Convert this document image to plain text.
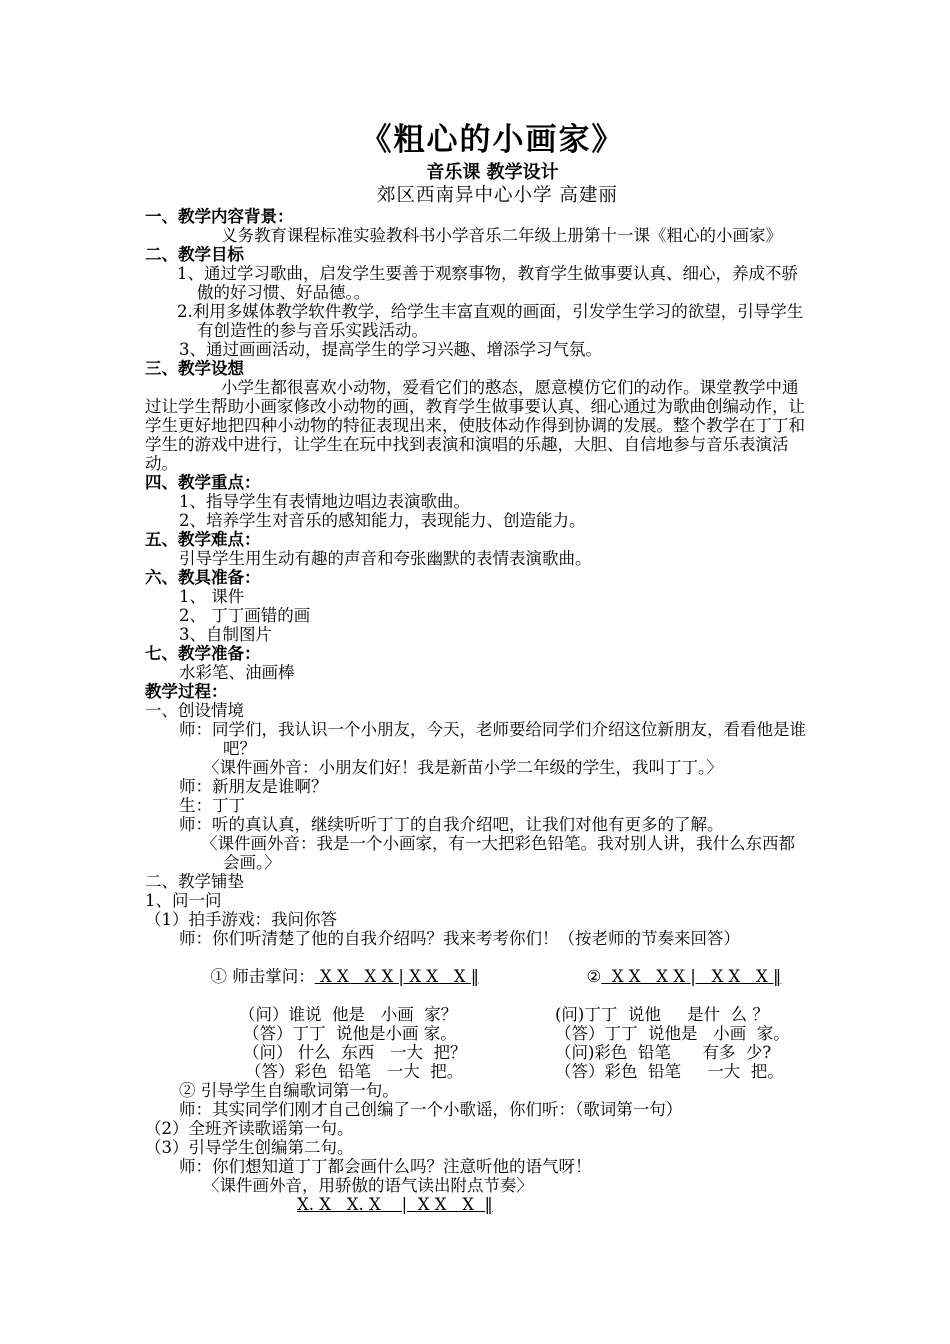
《粗心的小画家》
音乐课 教学设计
郊区西南异中心小学 高建丽
一、教学内容背景：
义务教育课程标准实验教科书小学音乐二年级上册第十一课《粗心的小画家》
二、教学目标
1、通过学习歌曲，启发学生要善于观察事物，教育学生做事要认真、细心，养成不骄傲的好习惯、好品德。。
2.利用多媒体教学软件教学，给学生丰富直观的画面，引发学生学习的欲望，引导学生有创造性的参与音乐实践活动。
3、通过画画活动，提高学生的学习兴趣、增添学习气氛。
三、教学设想
小学生都很喜欢小动物，爱看它们的憨态，愿意模仿它们的动作。课堂教学中通过让学生帮助小画家修改小动物的画，教育学生做事要认真、细心通过为歌曲创编动作，让学生更好地把四种小动物的特征表现出来，使肢体动作得到协调的发展。整个教学在丁丁和学生的游戏中进行，让学生在玩中找到表演和演唱的乐趣，大胆、自信地参与音乐表演活动。
四、教学重点：
1、指导学生有表情地边唱边表演歌曲。
2、培养学生对音乐的感知能力，表现能力、创造能力。
五、教学难点：
引导学生用生动有趣的声音和夸张幽默的表情表演歌曲。
六、教具准备：
1、 课件
2、 丁丁画错的画
3、自制图片
七、教学准备：
水彩笔、油画棒
教学过程：
一、创设情境
师：同学们，我认识一个小朋友，今天，老师要给同学们介绍这位新朋友，看看他是谁吧？
〈课件画外音：小朋友们好！我是新苗小学二年级的学生，我叫丁丁。〉
师：新朋友是谁啊？
生：丁丁
师：听的真认真，继续听听丁丁的自我介绍吧，让我们对他有更多的了解。
〈课件画外音：我是一个小画家，有一大把彩色铅笔。我对别人讲，我什么东西都会画。〉
二、教学铺垫
1、问一问
（1）拍手游戏：我问你答
师：你们听清楚了他的自我介绍吗？我来考考你们！（按老师的节奏来回答）

① 师击掌问： X X   X X | X X   X ‖
	②  X X   X X |   X X   X ‖

（问）谁说  他是   小画  家？	(问)丁丁  说他     是什  么 ？
（答）丁丁  说他是小画 家。	（答）丁丁  说他是   小画  家。
（问） 什么  东西   一大  把？	（问)彩色  铅笔      有多  少?
（答）彩色  铅笔   一大  把。	（答）彩色  铅笔     一大  把。
② 引导学生自编歌词第一句。
师：其实同学们刚才自己创编了一个小歌谣，你们听：（歌词第一句）
（2）全班齐读歌谣第一句。
（3）引导学生创编第二句。
师：你们想知道丁丁都会画什么吗？注意听他的语气呀！
〈课件画外音，用骄傲的语气读出附点节奏〉
X. X   X. X    |  X X   X  ‖
